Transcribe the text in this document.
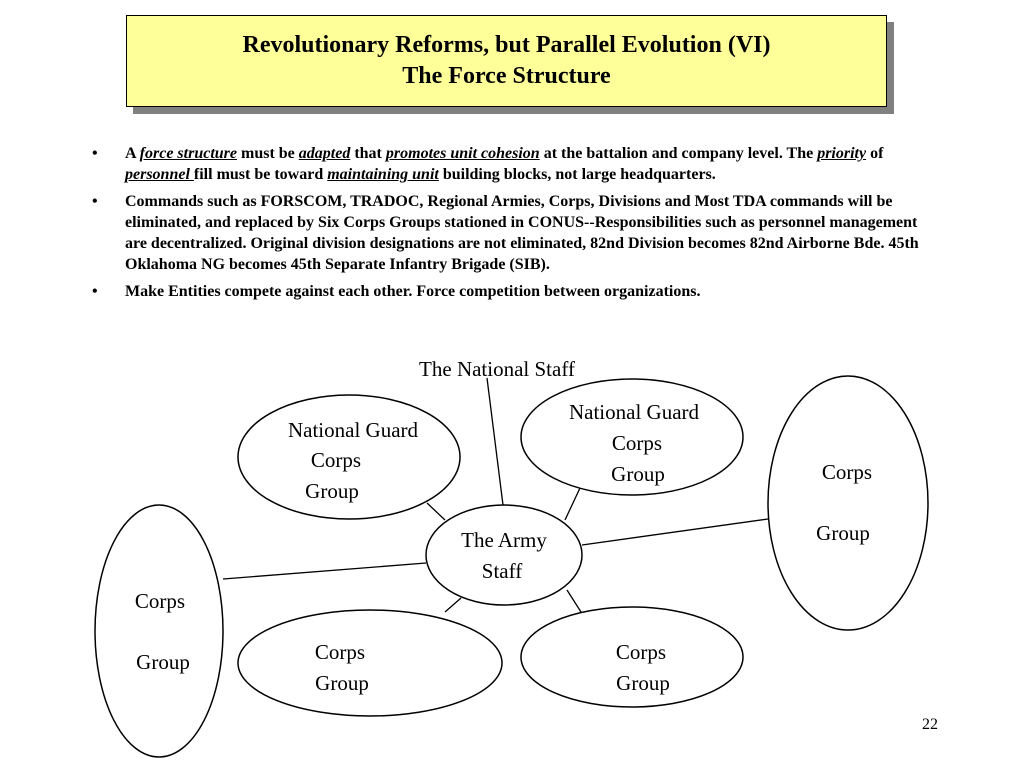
Revolutionary Reforms, but Parallel Evolution (VI)
The Force Structure
• A force structure must be adapted that promotes unit cohesion at the battalion and company level. The priority of personnel fill must be toward maintaining unit building blocks, not large headquarters.
• Commands such as FORSCOM, TRADOC, Regional Armies, Corps, Divisions and Most TDA commands will be eliminated, and replaced by Six Corps Groups stationed in CONUS--Responsibilities such as personnel management are decentralized. Original division designations are not eliminated, 82nd Division becomes 82nd Airborne Bde. 45th Oklahoma NG becomes 45th Separate Infantry Brigade (SIB).
• Make Entities compete against each other. Force competition between organizations.
The National Staff
National Guard
Corps
Group
National Guard
Corps
Group	Corps
Group
The Army
Staff
Corps
Group	Corps
Group
Corps
Group
22
